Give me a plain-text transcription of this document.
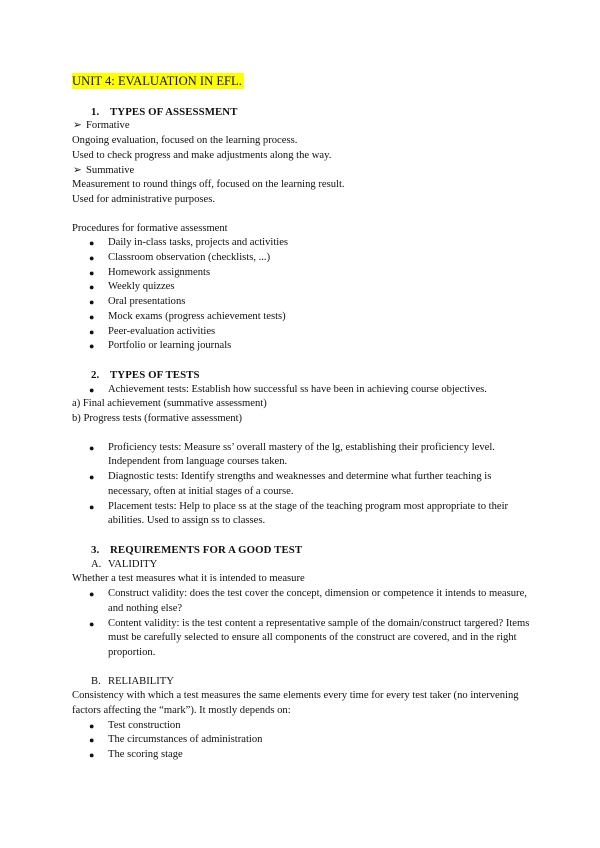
UNIT 4: EVALUATION IN EFL.
1. TYPES OF ASSESSMENT
➢ Formative

Ongoing evaluation, focused on the learning process.

Used to check progress and make adjustments along the way.

➢ Summative

Measurement to round things off, focused on the learning result.

Used for administrative purposes.

Procedures for formative assessment

● Daily in-class tasks, projects and activities
● Classroom observation (checklists, ...)
● Homework assignments
● Weekly quizzes
● Oral presentations
● Mock exams (progress achievement tests)
● Peer-evaluation activities
● Portfolio or learning journals
2. TYPES OF TESTS
● Achievement tests: Establish how successful ss have been in achieving course objectives.

a) Final achievement (summative assessment)

b) Progress tests (formative assessment)

● Proficiency tests: Measure ss’ overall mastery of the lg, establishing their proficiency level. Independent from language courses taken.
● Diagnostic tests: Identify strengths and weaknesses and determine what further teaching is necessary, often at initial stages of a course.
● Placement tests: Help to place ss at the stage of the teaching program most appropriate to their abilities. Used to assign ss to classes.
3. REQUIREMENTS FOR A GOOD TEST
A. VALIDITY

Whether a test measures what it is intended to measure

● Construct validity: does the test cover the concept, dimension or competence it intends to measure, and nothing else?
● Content validity: is the test content a representative sample of the domain/construct targered? Items must be carefully selected to ensure all components of the construct are covered, and in the right proportion.
B. RELIABILITY

Consistency with which a test measures the same elements every time for every test taker (no intervening factors affecting the “mark”). It mostly depends on:

● Test construction
● The circumstances of administration
● The scoring stage
